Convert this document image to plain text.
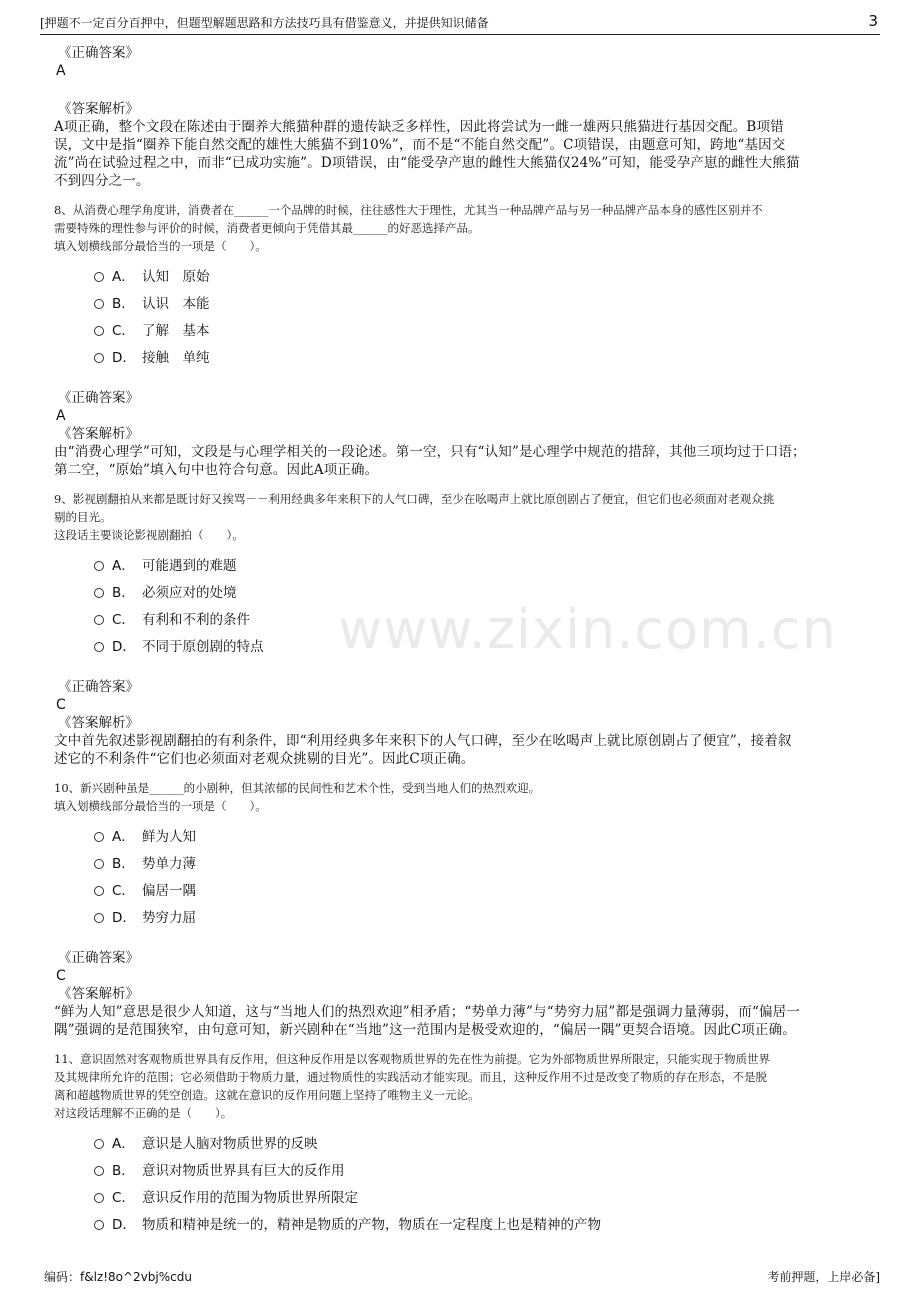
[押题不一定百分百押中，但题型解题思路和方法技巧具有借鉴意义，并提供知识储备	3
www.zixin.com.cn
《正确答案》
A
《答案解析》
A项正确，整个文段在陈述由于圈养大熊猫种群的遗传缺乏多样性，因此将尝试为一雌一雄两只熊猫进行基因交配。B项错
误，文中是指“圈养下能自然交配的雄性大熊猫不到10%”，而不是“不能自然交配”。C项错误，由题意可知，跨地“基因交
流”尚在试验过程之中，而非“已成功实施”。D项错误，由“能受孕产崽的雌性大熊猫仅24%”可知，能受孕产崽的雌性大熊猫
不到四分之一。
8、从消费心理学角度讲，消费者在______一个品牌的时候，往往感性大于理性，尤其当一种品牌产品与另一种品牌产品本身的感性区别并不
需要特殊的理性参与评价的时候，消费者更倾向于凭借其最______的好恶选择产品。
填入划横线部分最恰当的一项是（　　）。
A． 认知　原始
B． 认识　本能
C． 了解　基本
D． 接触　单纯
《正确答案》
A
《答案解析》
由“消费心理学”可知，文段是与心理学相关的一段论述。第一空，只有“认知”是心理学中规范的措辞，其他三项均过于口语；
第二空，“原始”填入句中也符合句意。因此A项正确。
9、影视剧翻拍从来都是既讨好又挨骂－－利用经典多年来积下的人气口碑，至少在吆喝声上就比原创剧占了便宜，但它们也必须面对老观众挑
剔的目光。
这段话主要谈论影视剧翻拍（　　）。
A． 可能遇到的难题
B． 必须应对的处境
C． 有利和不利的条件
D． 不同于原创剧的特点
《正确答案》
C
《答案解析》
文中首先叙述影视剧翻拍的有利条件，即“利用经典多年来积下的人气口碑，至少在吆喝声上就比原创剧占了便宜”，接着叙
述它的不利条件“它们也必须面对老观众挑剔的目光”。因此C项正确。
10、新兴剧种虽是______的小剧种，但其浓郁的民间性和艺术个性，受到当地人们的热烈欢迎。
填入划横线部分最恰当的一项是（　　）。
A． 鲜为人知
B． 势单力薄
C． 偏居一隅
D． 势穷力屈
《正确答案》
C
《答案解析》
“鲜为人知”意思是很少人知道，这与“当地人们的热烈欢迎”相矛盾；“势单力薄”与“势穷力屈”都是强调力量薄弱，而“偏居一
隅”强调的是范围狭窄，由句意可知，新兴剧种在“当地”这一范围内是极受欢迎的，“偏居一隅”更契合语境。因此C项正确。
11、意识固然对客观物质世界具有反作用，但这种反作用是以客观物质世界的先在性为前提。它为外部物质世界所限定，只能实现于物质世界
及其规律所允许的范围；它必须借助于物质力量，通过物质性的实践活动才能实现。而且，这种反作用不过是改变了物质的存在形态，不是脱
离和超越物质世界的凭空创造。这就在意识的反作用问题上坚持了唯物主义一元论。
对这段话理解不正确的是（　　）。
A． 意识是人脑对物质世界的反映
B． 意识对物质世界具有巨大的反作用
C． 意识反作用的范围为物质世界所限定
D． 物质和精神是统一的，精神是物质的产物，物质在一定程度上也是精神的产物
编码：f&lz!8o^2vbj%cdu	考前押题，上岸必备]
